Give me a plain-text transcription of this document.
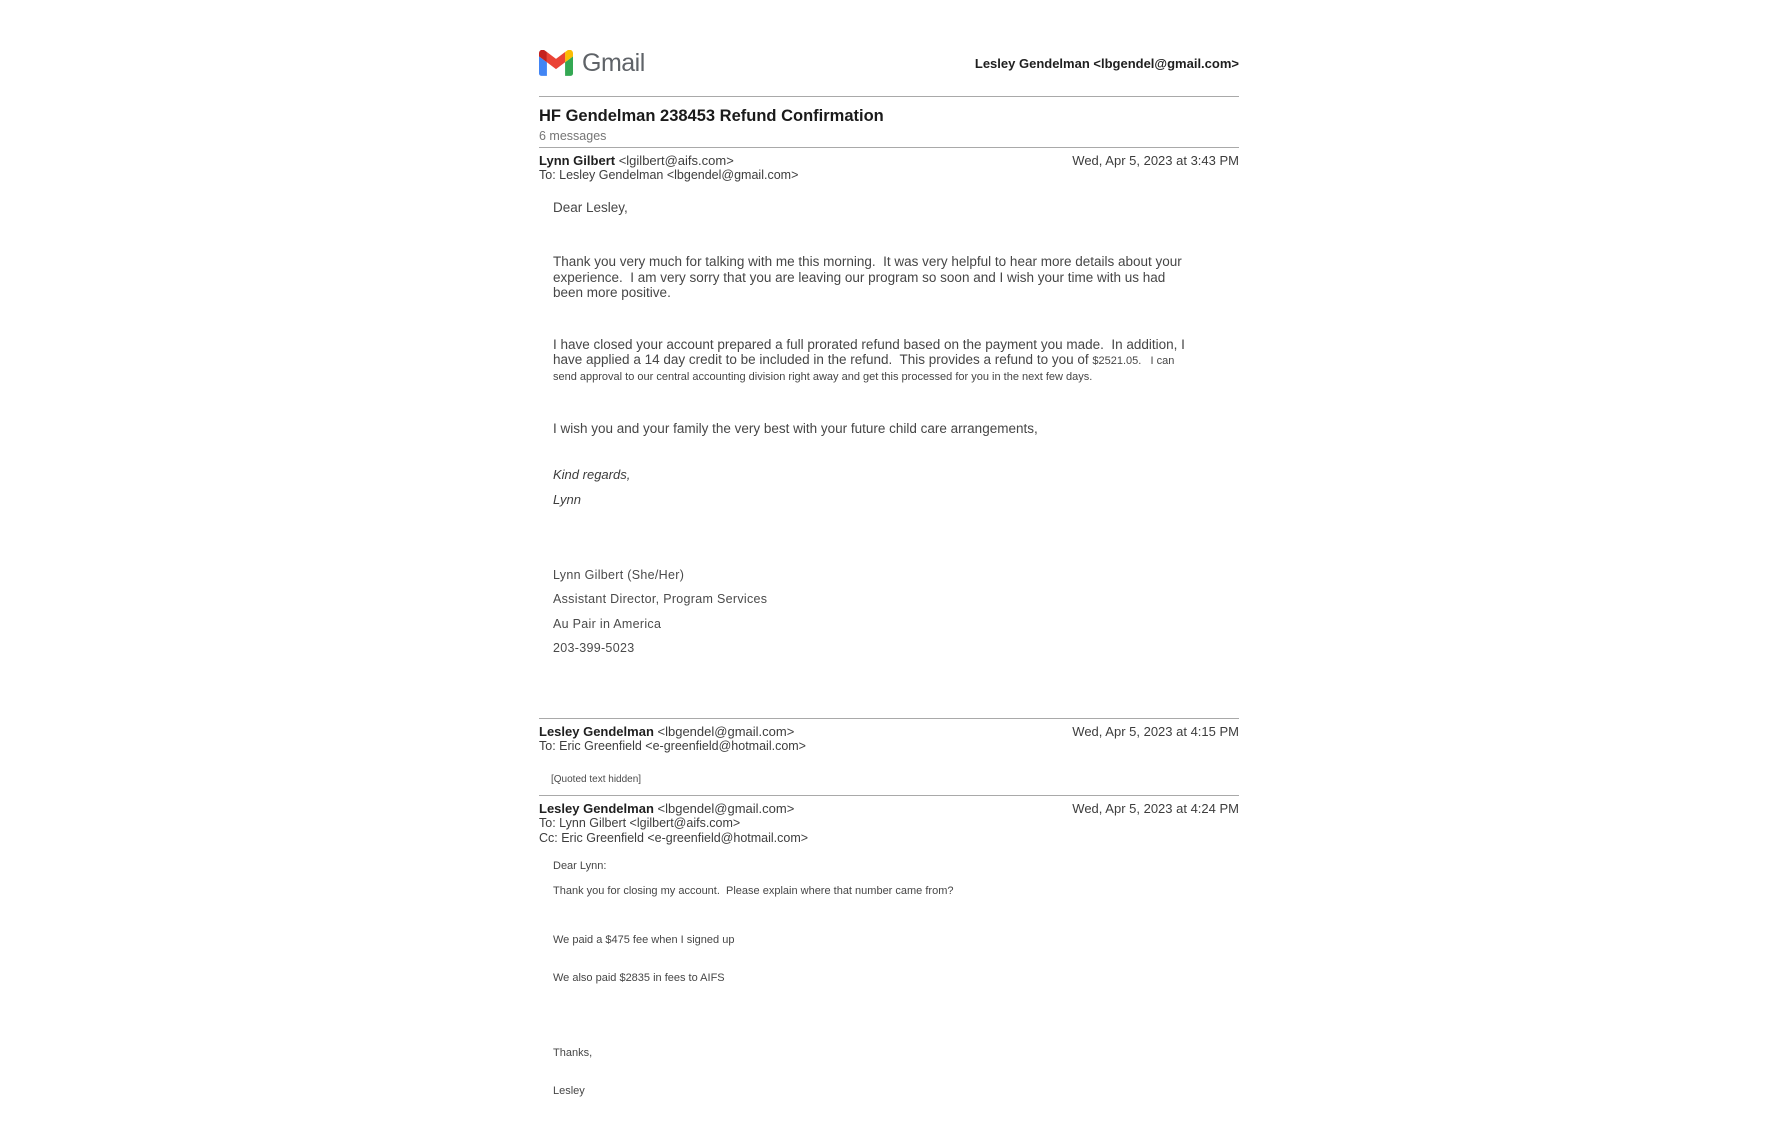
Gmail	Lesley Gendelman <lbgendel@gmail.com>
HF Gendelman 238453 Refund Confirmation
6 messages
Lynn Gilbert <lgilbert@aifs.com>
To: Lesley Gendelman <lbgendel@gmail.com>
Wed, Apr 5, 2023 at 3:43 PM
Dear Lesley,
Thank you very much for talking with me this morning.  It was very helpful to hear more details about your experience.  I am very sorry that you are leaving our program so soon and I wish your time with us had been more positive.
I have closed your account prepared a full prorated refund based on the payment you made.  In addition, I have applied a 14 day credit to be included in the refund.  This provides a refund to you of $2521.05.   I can send approval to our central accounting division right away and get this processed for you in the next few days.
I wish you and your family the very best with your future child care arrangements,
Kind regards,
Lynn
Lynn Gilbert (She/Her)
Assistant Director, Program Services
Au Pair in America
203-399-5023
Lesley Gendelman <lbgendel@gmail.com>
To: Eric Greenfield <e-greenfield@hotmail.com>
Wed, Apr 5, 2023 at 4:15 PM
[Quoted text hidden]
Lesley Gendelman <lbgendel@gmail.com>
To: Lynn Gilbert <lgilbert@aifs.com>
Cc: Eric Greenfield <e-greenfield@hotmail.com>
Wed, Apr 5, 2023 at 4:24 PM
Dear Lynn:
Thank you for closing my account.  Please explain where that number came from?

We paid a $475 fee when I signed up

We also paid $2835 in fees to AIFS

Thanks,

Lesley
